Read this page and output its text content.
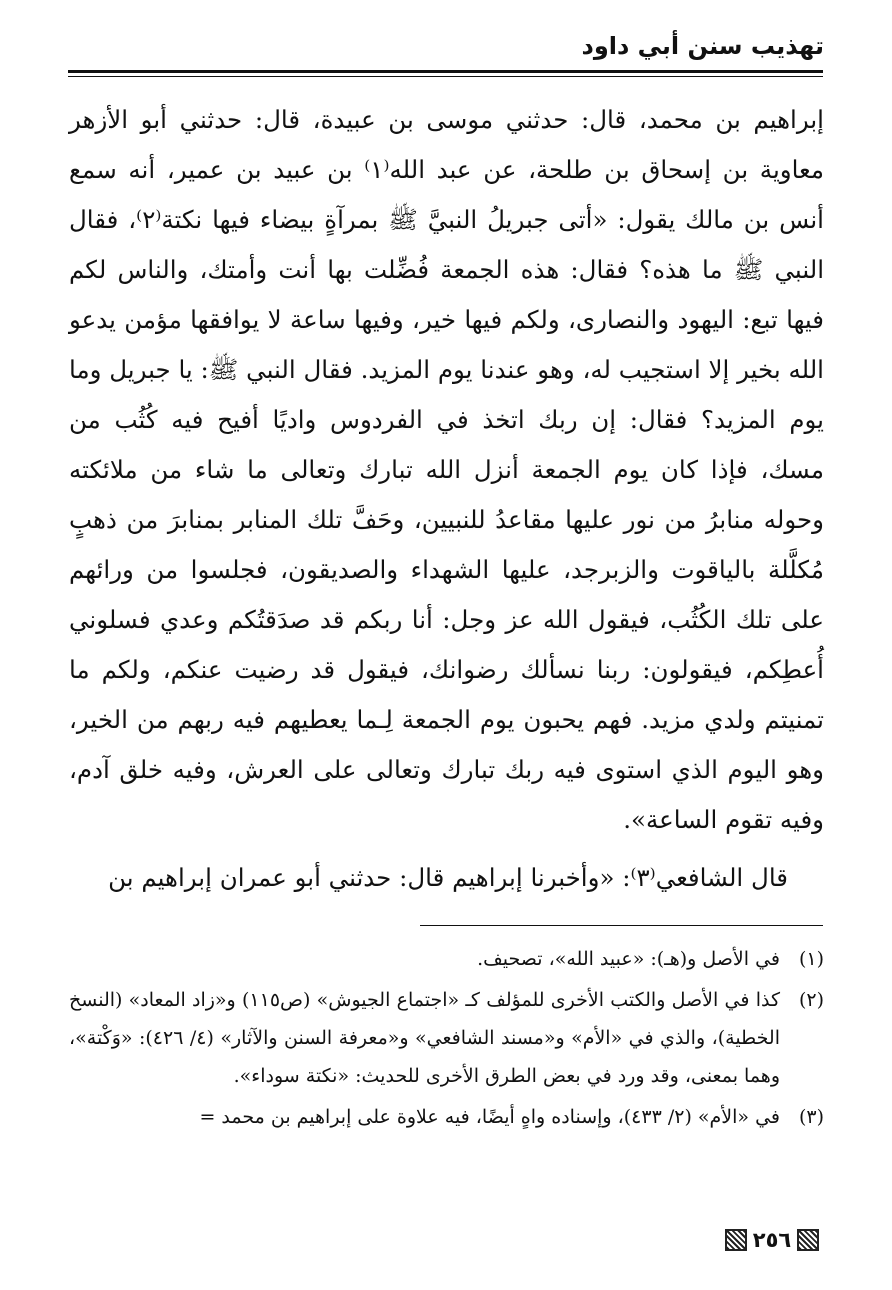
تهذيب سنن أبي داود

إبراهيم بن محمد، قال: حدثني موسى بن عبيدة، قال: حدثني أبو الأزهر معاوية بن إسحاق بن طلحة، عن عبد الله⁽١⁾ بن عبيد بن عمير، أنه سمع أنس بن مالك يقول: «أتى جبريلُ النبيَّ ﷺ بمرآةٍ بيضاء فيها نكتة⁽٢⁾، فقال النبي ﷺ ما هذه؟ فقال: هذه الجمعة فُضِّلت بها أنت وأمتك، والناس لكم فيها تبع: اليهود والنصارى، ولكم فيها خير، وفيها ساعة لا يوافقها مؤمن يدعو الله بخير إلا استجيب له، وهو عندنا يوم المزيد. فقال النبي ﷺ: يا جبريل وما يوم المزيد؟ فقال: إن ربك اتخذ في الفردوس واديًا أفيح فيه كُثُب من مسك، فإذا كان يوم الجمعة أنزل الله تبارك وتعالى ما شاء من ملائكته وحوله منابرُ من نور عليها مقاعدُ للنبيين، وحَفَّ تلك المنابر بمنابرَ من ذهبٍ مُكلَّلة بالياقوت والزبرجد، عليها الشهداء والصديقون، فجلسوا من ورائهم على تلك الكُثُب، فيقول الله عز وجل: أنا ربكم قد صدَقتُكم وعدي فسلوني أُعطِكم، فيقولون: ربنا نسألك رضوانك، فيقول قد رضيت عنكم، ولكم ما تمنيتم ولدي مزيد. فهم يحبون يوم الجمعة لِـما يعطيهم فيه ربهم من الخير، وهو اليوم الذي استوى فيه ربك تبارك وتعالى على العرش، وفيه خلق آدم، وفيه تقوم الساعة».

قال الشافعي⁽٣⁾: «وأخبرنا إبراهيم قال: حدثني أبو عمران إبراهيم بن

(١)
في الأصل و(هـ): «عبيد الله»، تصحيف.
(٢)
كذا في الأصل والكتب الأخرى للمؤلف كـ «اجتماع الجيوش» (ص١١٥) و«زاد المعاد» (النسخ الخطية)، والذي في «الأم» و«مسند الشافعي» و«معرفة السنن والآثار» (٤/ ٤٢٦): «وَكْتة»، وهما بمعنى، وقد ورد في بعض الطرق الأخرى للحديث: «نكتة سوداء».
(٣)
في «الأم» (٢/ ٤٣٣)، وإسناده واهٍ أيضًا، فيه علاوة على إبراهيم بن محمد =
٢٥٦
